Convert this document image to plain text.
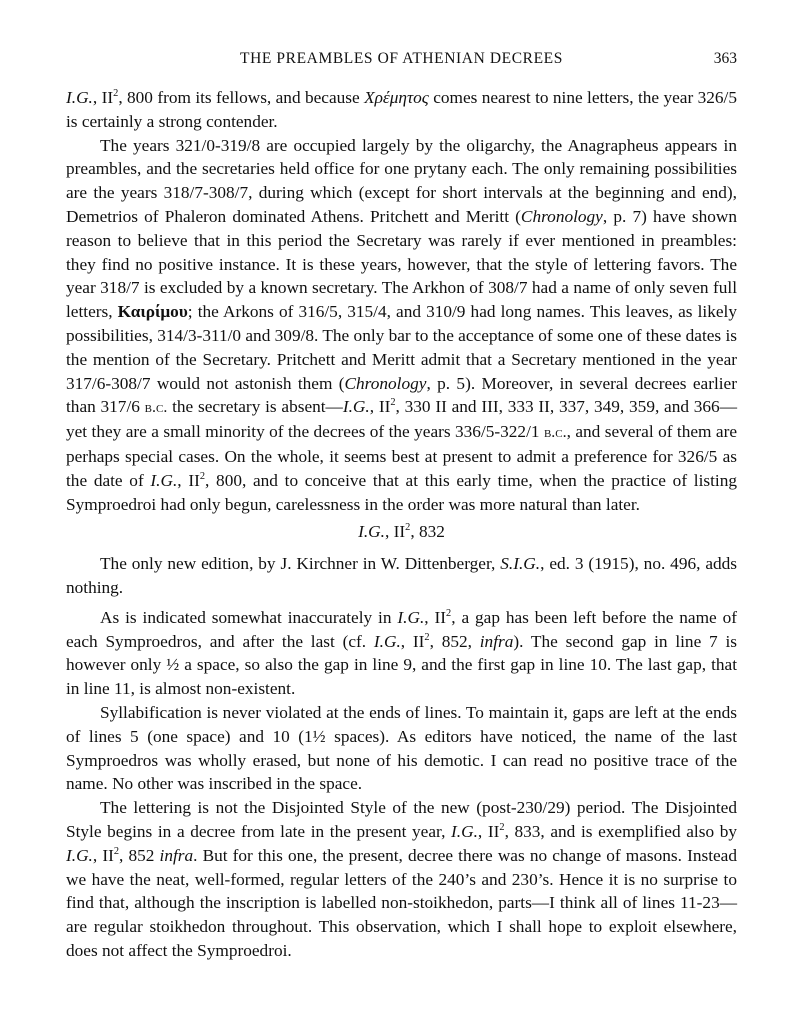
THE PREAMBLES OF ATHENIAN DECREES	363

I.G., $II^2$, 800 from its fellows, and because Χρέμητος comes nearest to nine letters, the year 326/5 is certainly a strong contender.

The years 321/0-319/8 are occupied largely by the oligarchy, the Anagrapheus appears in preambles, and the secretaries held office for one prytany each. The only remaining possibilities are the years 318/7-308/7, during which (except for short intervals at the beginning and end), Demetrios of Phaleron dominated Athens. Pritchett and Meritt (Chronology, p. 7) have shown reason to believe that in this period the Secretary was rarely if ever mentioned in preambles: they find no positive instance. It is these years, however, that the style of lettering favors. The year 318/7 is excluded by a known secretary. The Arkhon of 308/7 had a name of only seven full letters, Καιρίμου; the Arkons of 316/5, 315/4, and 310/9 had long names. This leaves, as likely possibilities, 314/3-311/0 and 309/8. The only bar to the acceptance of some one of these dates is the mention of the Secretary. Pritchett and Meritt admit that a Secretary mentioned in the year 317/6-308/7 would not astonish them (Chronology, p. 5). Moreover, in several decrees earlier than 317/6 b.c. the secretary is absent—I.G., $II^2$, 330 II and III, 333 II, 337, 349, 359, and 366—yet they are a small minority of the decrees of the years 336/5-322/1 b.c., and several of them are perhaps special cases. On the whole, it seems best at present to admit a preference for 326/5 as the date of I.G., $II^2$, 800, and to conceive that at this early time, when the practice of listing Symproedroi had only begun, carelessness in the order was more natural than later.

I.G., $II^2$, 832

The only new edition, by J. Kirchner in W. Dittenberger, S.I.G., ed. 3 (1915), no. 496, adds nothing.

As is indicated somewhat inaccurately in I.G., $II^2$, a gap has been left before the name of each Symproedros, and after the last (cf. I.G., $II^2$, 852, infra). The second gap in line 7 is however only ½ a space, so also the gap in line 9, and the first gap in line 10. The last gap, that in line 11, is almost non-existent.

Syllabification is never violated at the ends of lines. To maintain it, gaps are left at the ends of lines 5 (one space) and 10 (1½ spaces). As editors have noticed, the name of the last Symproedros was wholly erased, but none of his demotic. I can read no positive trace of the name. No other was inscribed in the space.

The lettering is not the Disjointed Style of the new (post-230/29) period. The Disjointed Style begins in a decree from late in the present year, I.G., $II^2$, 833, and is exemplified also by I.G., $II^2$, 852 infra. But for this one, the present, decree there was no change of masons. Instead we have the neat, well-formed, regular letters of the 240’s and 230’s. Hence it is no surprise to find that, although the inscription is labelled non-stoikhedon, parts—I think all of lines 11-23—are regular stoikhedon throughout. This observation, which I shall hope to exploit elsewhere, does not affect the Symproedroi.
